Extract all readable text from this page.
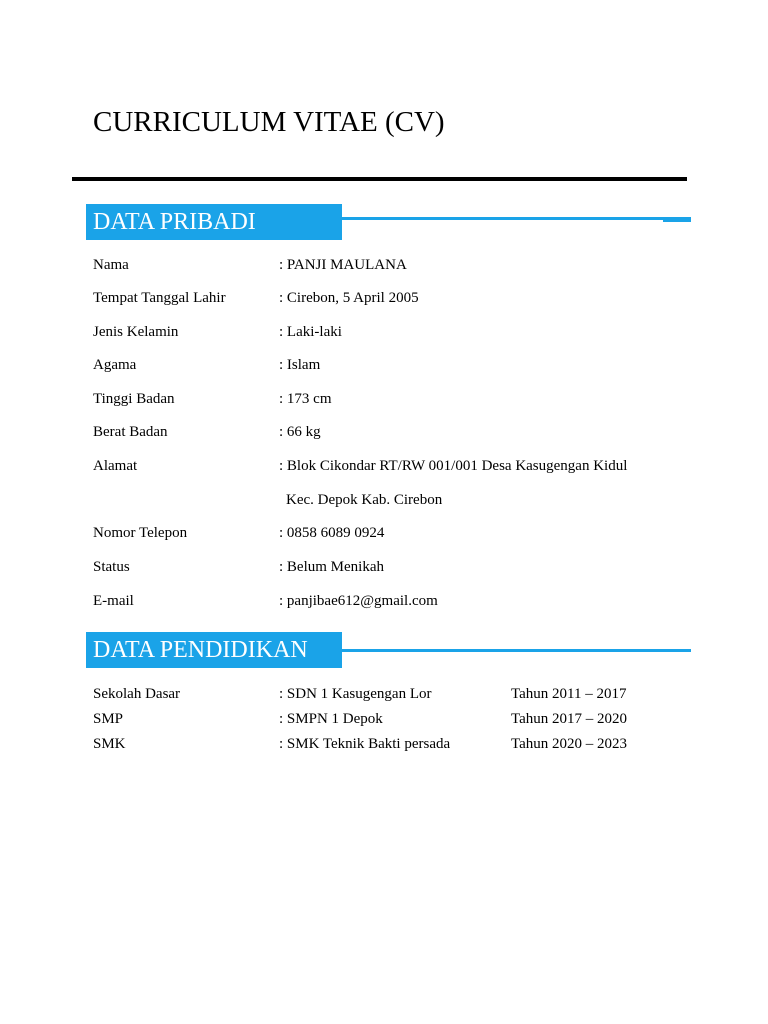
CURRICULUM VITAE (CV)
DATA PRIBADI
Nama	: PANJI MAULANA
Tempat Tanggal Lahir	: Cirebon, 5 April 2005
Jenis Kelamin	: Laki-laki
Agama	: Islam
Tinggi Badan	: 173 cm
Berat Badan	: 66 kg
Alamat	: Blok Cikondar RT/RW 001/001 Desa Kasugengan Kidul
Kec. Depok Kab. Cirebon
Nomor Telepon	: 0858 6089 0924
Status	: Belum Menikah
E-mail	: panjibae612@gmail.com
DATA PENDIDIKAN
Sekolah Dasar	: SDN 1 Kasugengan Lor	Tahun 2011 – 2017
SMP	: SMPN 1 Depok	Tahun 2017 – 2020
SMK	: SMK Teknik Bakti persada	Tahun 2020 – 2023
